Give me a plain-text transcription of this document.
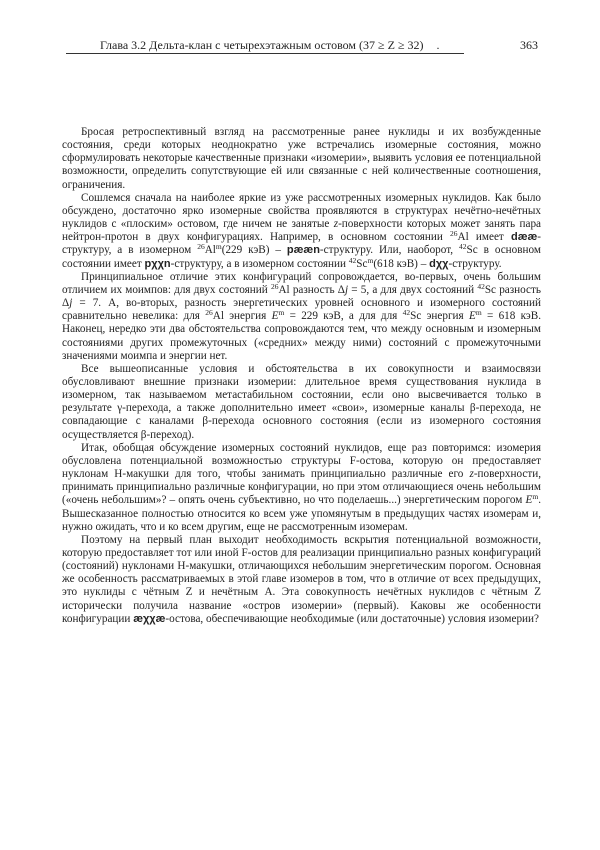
Глава 3.2 Дельта-клан с четырехэтажным остовом (37 ≥ Z ≥ 32) .	363

Бросая ретроспективный взгляд на рассмотренные ранее нуклиды и их возбужденные состояния, среди которых неоднократно уже встречались изомерные состояния, можно сформулировать некоторые качественные признаки «изомерии», выявить условия ее потенциальной возможности, определить сопутствующие ей или связанные с ней количественные соотношения, ограничения.

Сошлемся сначала на наиболее яркие из уже рассмотренных изомерных нуклидов. Как было обсуждено, достаточно ярко изомерные свойства проявляются в структурах нечётно-нечётных нуклидов с «плоским» остовом, где ничем не занятые z-поверхности которых может занять пара нейтрон-протон в двух конфигурациях. Например, в основном состоянии $^{26}$Al имеет dææ-структуру, а в изомерном $^{26}$Al$^m$(229 кэВ) – pææn-структуру. Или, наоборот, $^{42}$Sc в основном состоянии имеет pχχn-структуру, а в изомерном состоянии $^{42}$Sc$^m$(618 кэВ) – dχχ-структуру.

Принципиальное отличие этих конфигураций сопровождается, во-первых, очень большим отличием их моимпов: для двух состояний $^{26}$Al разность Δj = 5, а для двух состояний $^{42}$Sc разность Δj = 7. А, во-вторых, разность энергетических уровней основного и изомерного состояний сравнительно невелика: для $^{26}$Al энергия $E^m = 229$ кэВ, а для для $^{42}$Sc энергия $E^m = 618$ кэВ. Наконец, нередко эти два обстоятельства сопровождаются тем, что между основным и изомерным состояниями других промежуточных («средних» между ними) состояний с промежуточными значениями моимпа и энергии нет.

Все вышеописанные условия и обстоятельства в их совокупности и взаимосвязи обусловливают внешние признаки изомерии: длительное время существования нуклида в изомерном, так называемом метастабильном состоянии, если оно высвечивается только в результате γ-перехода, а также дополнительно имеет «свои», изомерные каналы β-перехода, не совпадающие с каналами β-перехода основного состояния (если из изомерного состояния осуществляется β-переход).

Итак, обобщая обсуждение изомерных состояний нуклидов, еще раз повторимся: изомерия обусловлена потенциальной возможностью структуры F-остова, которую он предоставляет нуклонам H-макушки для того, чтобы занимать принципиально различные его z-поверхности, принимать принципиально различные конфигурации, но при этом отличающиеся очень небольшим («очень небольшим»? – опять очень субъективно, но что поделаешь...) энергетическим порогом $E^m$. Вышесказанное полностью относится ко всем уже упомянутым в предыдущих частях изомерам и, нужно ожидать, что и ко всем другим, еще не рассмотренным изомерам.

Поэтому на первый план выходит необходимость вскрытия потенциальной возможности, которую предоставляет тот или иной F-остов для реализации принципиально разных конфигураций (состояний) нуклонами H-макушки, отличающихся небольшим энергетическим порогом. Основная же особенность рассматриваемых в этой главе изомеров в том, что в отличие от всех предыдущих, это нуклиды с чётным Z и нечётным A. Эта совокупность нечётных нуклидов с чётным Z исторически получила название «остров изомерии» (первый). Каковы же особенности конфигурации æχχæ-остова, обеспечивающие необходимые (или достаточные) условия изомерии?
